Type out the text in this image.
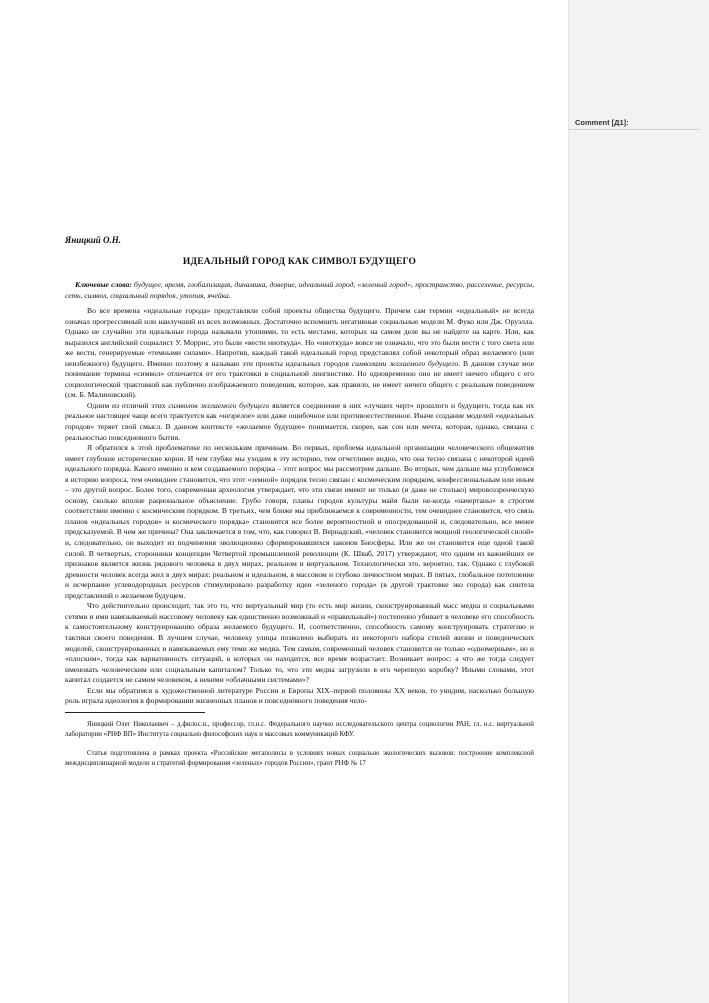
Comment [Д1]:
Яницкий О.Н.
ИДЕАЛЬНЫЙ ГОРОД КАК СИМВОЛ БУДУЩЕГО

Ключевые слова: будущее, время, глобализация, динамика, доверие, идеальный город, «зеленый город», пространство, расселение, ресурсы, сеть, символ, социальный порядок, утопия, ячейка.

Во все времена «идеальные города» представляли собой проекты общества будущего. Причем сам термин «идеальный» не всегда означал прогрессивный или наилучший из всех возможных. Достаточно вспомнить негативные социальные модели М. Фуко или Дж. Оруэлла. Однако не случайно эти идеальные города называли утопиями, то есть местами, которых на самом деле вы не найдете на карте. Или, как выразился английский социалист У. Моррис, это были «вести ниоткуда». Но «ниоткуда» вовсе не означало, что это были вести с того света или же вести, генерируемые «темными силами». Напротив, каждый такой идеальный город представлял собой некоторый образ желаемого (или неизбежного) будущего. Именно поэтому я называю эти проекты идеальных городов символами желаемого будущего. В данном случае мое понимание термина «символ» отличается от его трактовки в социальной лингвистике. Но одновременно оно не имеет ничего общего с его социологической трактовкой как публично изображаемого поведения, которое, как правило, не имеет ничего общего с реальным поведением (см. Б. Малиновский).

Одним из отличий этих символов желаемого будущего является соединение в них «лучших черт» прошлого и будущего, тогда как их реальное настоящее чаще всего трактуется как «незрелое» или даже ошибочное или противоестественное. Иначе создание моделей «идеальных городов» теряет свой смысл. В данном контексте «желаемое будущее» понимается, скорее, как сон или мечта, которая, однако, связана с реальностью повседневного бытия.

Я обратился к этой проблематике по нескольким причинам. Во первых, проблема идеальной организации человеческого общежития имеет глубокие исторические корни. И чем глубже мы уходим в эту историю, тем отчетливее видно, что она тесно связана с некоторой идеей идеального порядка. Какого именно и кем создаваемого порядка – этот вопрос мы рассмотрим дальше. Во вторых, чем дальше мы углубляемся в историю вопроса, тем очевиднее становится, что этот «земной» порядок тесно связан с космическим порядком, конфессиональным или иным – это другой вопрос. Более того, современная археология утверждает, что эти связи имеют не только (и даже не столько) мировоззренческую основу, сколько вполне рациональное объяснение. Грубо говоря, планы городов культуры майя были не-когда «начертаны» в строгом соответствии именно с космическим порядком. В третьих, чем ближе мы приближаемся к современности, тем очевиднее становится, что связь планов «идеальных городов» и космического порядка» становится все более вероятностной и опосредованной и, следовательно, все менее предсказуемой. В чем же причина? Она заключается в том, что, как говорил В. Вернадский, «человек становится мощной геологической силой» и, следовательно, он выходит из подчинения эволюционно сформировавшихся законов Биосферы. Или же он становится еще одной такой силой. В четвертых, сторонники концепции Четвертой промышленной революции (К. Шваб, 2017) утверждают, что одним из важнейших ее признаков является жизнь рядового человека в двух мирах, реальном и виртуальном. Технологически это, вероятно, так. Однако с глубокой древности человек всегда жил в двух мирах: реальном и идеальном, в массовом и глубоко личностном мирах. В пятых, глобальное потепление и исчерпание углеводородных ресурсов стимулировало разработку идеи «зеленого города» (в другой трактовке эко города) как синтеза представлений о желаемом будущем.

Что действительно происходит, так это то, что виртуальный мир (то есть мир жизни, сконструированный масс медиа и социальными сетями и ими навязываемый массовому человеку как единственно возможный и «правильный») постепенно убивает в человеке его способность к самостоятельному конструированию образа желаемого будущего. И, соответственно, способность самому конструировать стратегию и тактики своего поведения. В лучшем случае, человеку улицы позволено выбирать из некоторого набора стилей жизни и поведенческих моделей, сконструированных и навязываемых ему теми же медиа. Тем самым, современный человек становится не только «одномерным», но и «плоским», тогда как вариативность ситуаций, в которых он находится, все время возрастает. Возникает вопрос: а что же тогда следует именовать человеческим или социальным капиталом? Только то, что эти медиа загрузили в его черепную коробку? Иными словами, этот капитал создается не самим человеком, а некими «облачными системами»?

Если мы обратимся к художественной литературе России и Европы XIX–первой половины XX веков, то увидим, насколько большую роль играла идеология в формировании жизненных планов и повседневного поведения чело-

Яницкий Олег Николаевич – д.филос.н., профессор, гл.н.с. Федерального научно исследовательского центра социологии РАН, гл. н.с. виртуальной лаборатории «РНФ ВП» Института социально философских наук и массовых коммуникаций КФУ.

Статья подготовлена в рамках проекта «Российские мегаполисы в условиях новых социально экологических вызовов: построение комплексной междисциплинарной модели и стратегий формирования «зеленых» городов России», грант РНФ № 17
